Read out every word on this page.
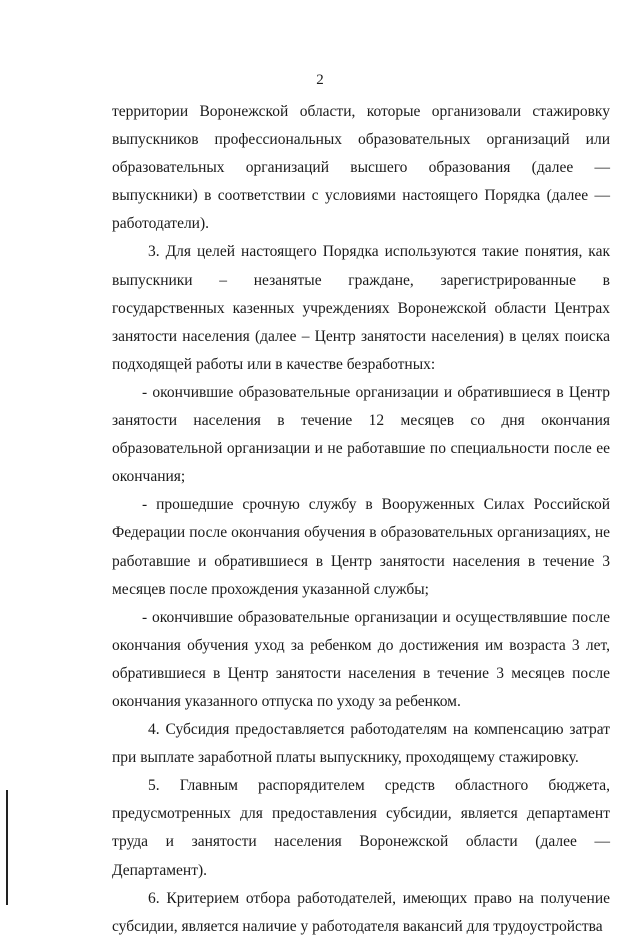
2

территории Воронежской области, которые организовали стажировку выпускников профессиональных образовательных организаций или образовательных организаций высшего образования (далее — выпускники) в соответствии с условиями настоящего Порядка (далее — работодатели).

3. Для целей настоящего Порядка используются такие понятия, как выпускники – незанятые граждане, зарегистрированные в государственных казенных учреждениях Воронежской области Центрах занятости населения (далее – Центр занятости населения) в целях поиска подходящей работы или в качестве безработных:

- окончившие образовательные организации и обратившиеся в Центр занятости населения в течение 12 месяцев со дня окончания образовательной организации и не работавшие по специальности после ее окончания;

- прошедшие срочную службу в Вооруженных Силах Российской Федерации после окончания обучения в образовательных организациях, не работавшие и обратившиеся в Центр занятости населения в течение 3 месяцев после прохождения указанной службы;

- окончившие образовательные организации и осуществлявшие после окончания обучения уход за ребенком до достижения им возраста 3 лет, обратившиеся в Центр занятости населения в течение 3 месяцев после окончания указанного отпуска по уходу за ребенком.

4. Субсидия предоставляется работодателям на компенсацию затрат при выплате заработной платы выпускнику, проходящему стажировку.

5. Главным распорядителем средств областного бюджета, предусмотренных для предоставления субсидии, является департамент труда и занятости населения Воронежской области (далее — Департамент).

6. Критерием отбора работодателей, имеющих право на получение субсидии, является наличие у работодателя вакансий для трудоустройства
